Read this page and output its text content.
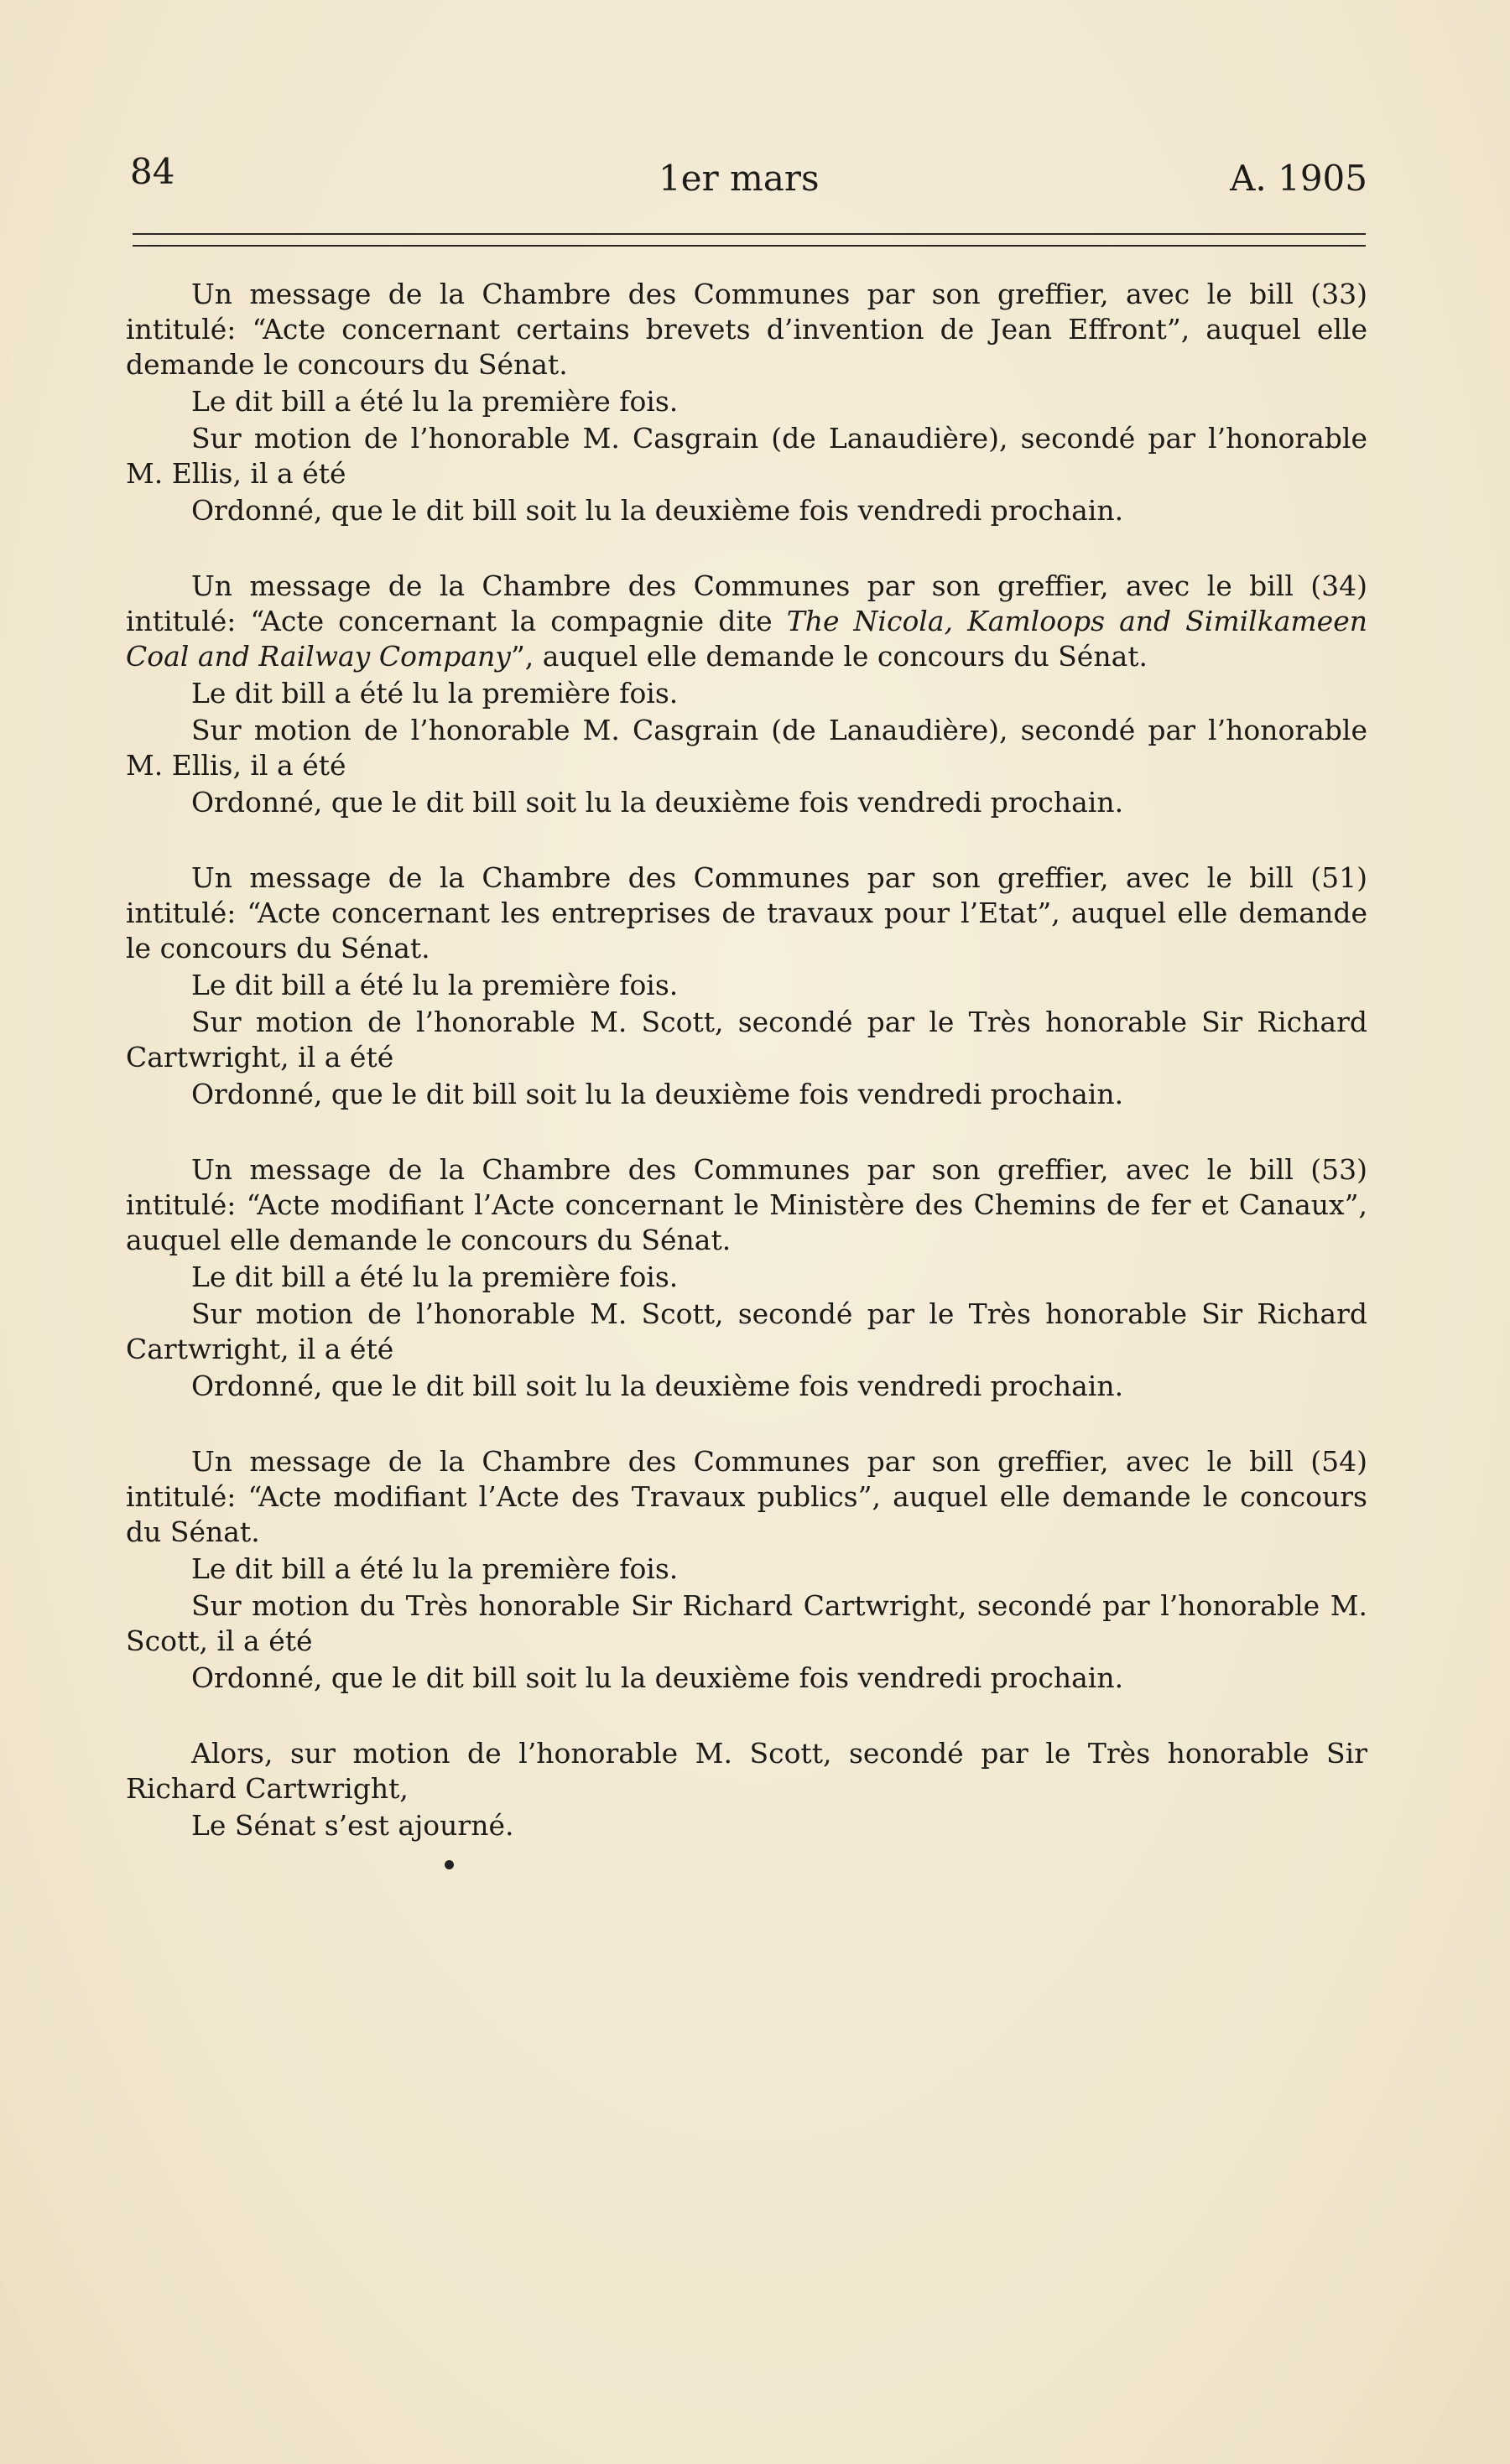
84	1er mars	A. 1905

Un message de la Chambre des Communes par son greffier, avec le bill (33) intitulé: “Acte concernant certains brevets d’invention de Jean Effront”, auquel elle demande le concours du Sénat.

Le dit bill a été lu la première fois.

Sur motion de l’honorable M. Casgrain (de Lanaudière), secondé par l’honorable M. Ellis, il a été

Ordonné, que le dit bill soit lu la deuxième fois vendredi prochain.

Un message de la Chambre des Communes par son greffier, avec le bill (34) intitulé: “Acte concernant la compagnie dite The Nicola, Kamloops and Similkameen Coal and Railway Company”, auquel elle demande le concours du Sénat.

Le dit bill a été lu la première fois.

Sur motion de l’honorable M. Casgrain (de Lanaudière), secondé par l’honorable M. Ellis, il a été

Ordonné, que le dit bill soit lu la deuxième fois vendredi prochain.

Un message de la Chambre des Communes par son greffier, avec le bill (51) intitulé: “Acte concernant les entreprises de travaux pour l’Etat”, auquel elle demande le concours du Sénat.

Le dit bill a été lu la première fois.

Sur motion de l’honorable M. Scott, secondé par le Très honorable Sir Richard Cartwright, il a été

Ordonné, que le dit bill soit lu la deuxième fois vendredi prochain.

Un message de la Chambre des Communes par son greffier, avec le bill (53) intitulé: “Acte modifiant l’Acte concernant le Ministère des Chemins de fer et Canaux”, auquel elle demande le concours du Sénat.

Le dit bill a été lu la première fois.

Sur motion de l’honorable M. Scott, secondé par le Très honorable Sir Richard Cartwright, il a été

Ordonné, que le dit bill soit lu la deuxième fois vendredi prochain.

Un message de la Chambre des Communes par son greffier, avec le bill (54) intitulé: “Acte modifiant l’Acte des Travaux publics”, auquel elle demande le concours du Sénat.

Le dit bill a été lu la première fois.

Sur motion du Très honorable Sir Richard Cartwright, secondé par l’honorable M. Scott, il a été

Ordonné, que le dit bill soit lu la deuxième fois vendredi prochain.

Alors, sur motion de l’honorable M. Scott, secondé par le Très honorable Sir Richard Cartwright,

Le Sénat s’est ajourné.
